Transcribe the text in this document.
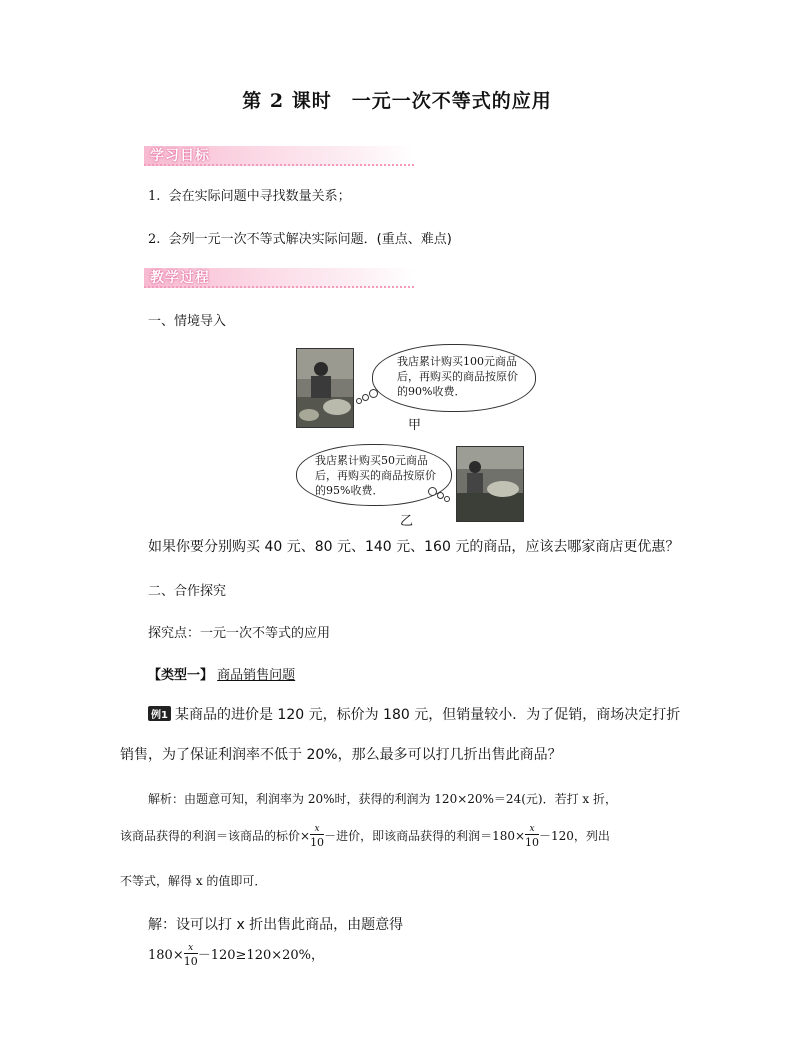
第 2 课时　一元一次不等式的应用
学习目标
1. 会在实际问题中寻找数量关系；
2. 会列一元一次不等式解决实际问题．(重点、难点)
教学过程
一、情境导入
我店累计购买100元商品后，再购买的商品按原价的90%收费．
甲
我店累计购买50元商品后，再购买的商品按原价的95%收费．
乙
如果你要分别购买 40 元、80 元、140 元、160 元的商品，应该去哪家商店更优惠？
二、合作探究
探究点：一元一次不等式的应用
【类型一】 商品销售问题
例1 某商品的进价是 120 元，标价为 180 元，但销量较小．为了促销，商场决定打折
销售，为了保证利润率不低于 20%，那么最多可以打几折出售此商品？
解析：由题意可知，利润率为 20%时，获得的利润为 120×20%＝24(元)．若打 x 折，
该商品获得的利润＝该商品的标价× $\frac{x}{10}$ －进价，即该商品获得的利润$=180\times \frac{x}{10} -120$，列出
不等式，解得 x 的值即可．
解：设可以打 x 折出售此商品，由题意得
$180\times \frac{x}{10} -120\ge 120\times 20\%$，
